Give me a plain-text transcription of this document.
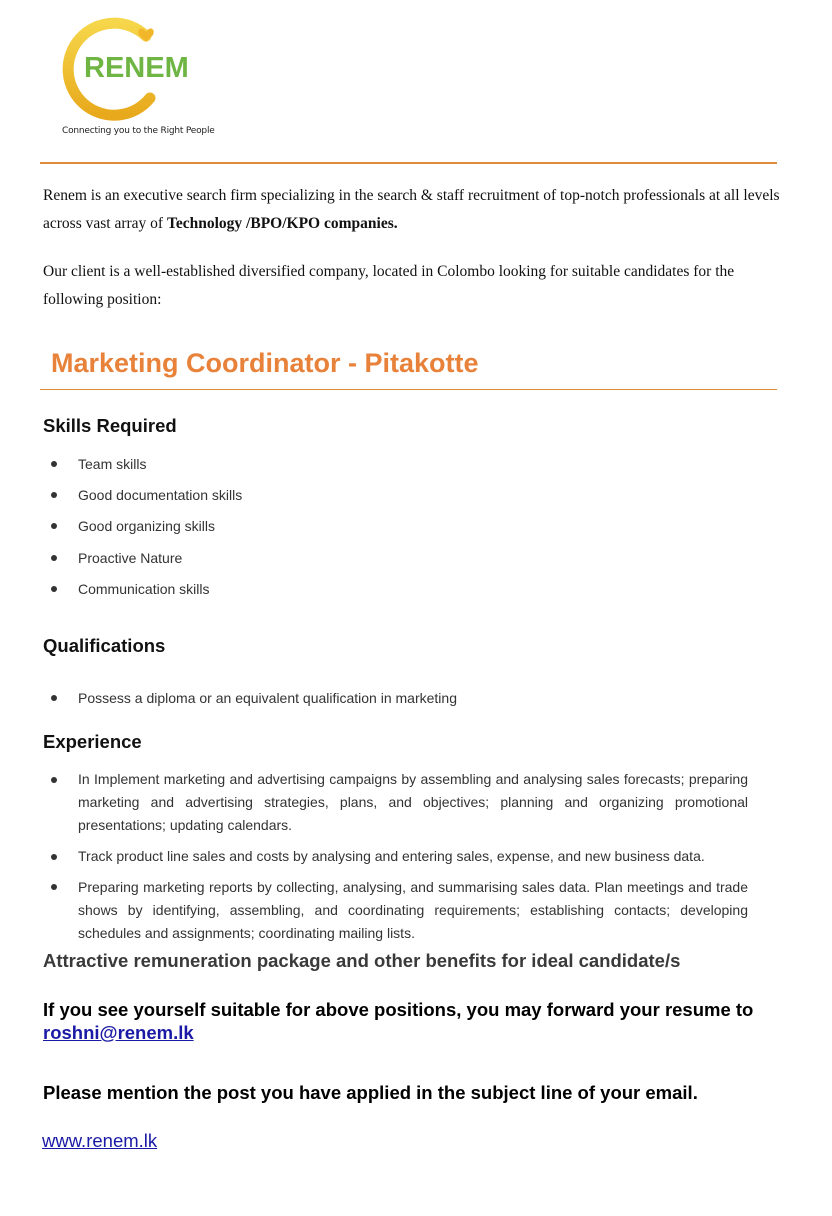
RENEM
Connecting you to the Right People
Renem is an executive search firm specializing in the search & staff recruitment of top-notch professionals at all levels across vast array of Technology /BPO/KPO companies.
Our client is a well-established diversified company, located in Colombo looking for suitable candidates for the following position:
Marketing Coordinator - Pitakotte
Skills Required
Team skills
Good documentation skills
Good organizing skills
Proactive Nature
Communication skills
Qualifications
Possess a diploma or an equivalent qualification in marketing
Experience
In Implement marketing and advertising campaigns by assembling and analysing sales forecasts; preparing marketing and advertising strategies, plans, and objectives; planning and organizing promotional presentations; updating calendars.
Track product line sales and costs by analysing and entering sales, expense, and new business data.
Preparing marketing reports by collecting, analysing, and summarising sales data. Plan meetings and trade shows by identifying, assembling, and coordinating requirements; establishing contacts; developing schedules and assignments; coordinating mailing lists.
Attractive remuneration package and other benefits for ideal candidate/s
If you see yourself suitable for above positions, you may forward your resume to
roshni@renem.lk
Please mention the post you have applied in the subject line of your email.
www.renem.lk
